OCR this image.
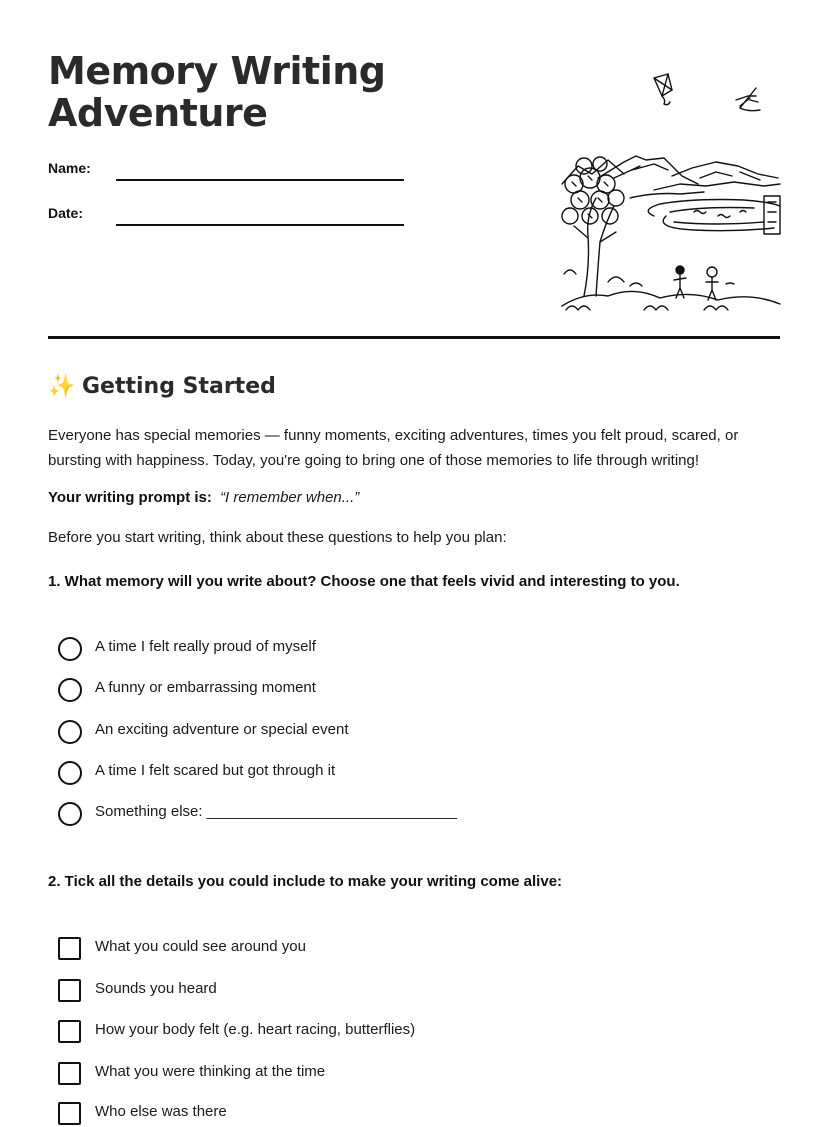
Memory Writing
Adventure
Name:
Date:
✨ Getting Started

Everyone has special memories — funny moments, exciting adventures, times you felt proud, scared, or bursting with happiness. Today, you're going to bring one of those memories to life through writing!

Your writing prompt is: “I remember when...”
Before you start writing, think about these questions to help you plan:
1. What memory will you write about? Choose one that feels vivid and interesting to you.
A time I felt really proud of myself
A funny or embarrassing moment
An exciting adventure or special event
A time I felt scared but got through it
Something else: ______________________________
2. Tick all the details you could include to make your writing come alive:
What you could see around you
Sounds you heard
How your body felt (e.g. heart racing, butterflies)
What you were thinking at the time
Who else was there
